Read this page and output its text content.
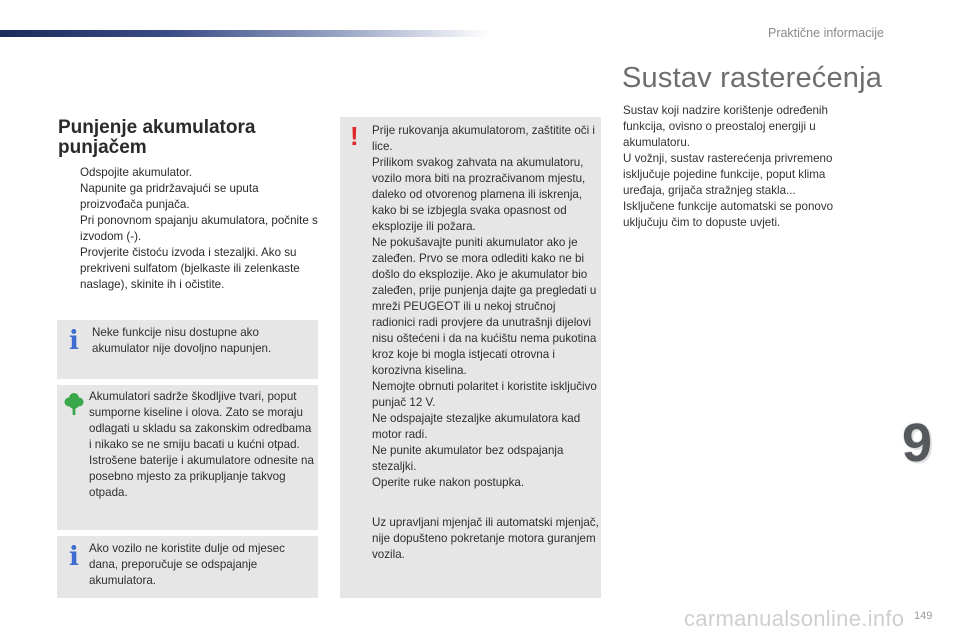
Praktične informacije
Sustav rasterećenja
Sustav koji nadzire korištenje određenih funkcija, ovisno o preostaloj energiji u akumulatoru.
U vožnji, sustav rasterećenja privremeno isključuje pojedine funkcije, poput klima uređaja, grijača stražnjeg stakla...
Isključene funkcije automatski se ponovo uključuju čim to dopuste uvjeti.
9
Punjenje akumulatora punjačem
Odspojite akumulator.
Napunite ga pridržavajući se uputa proizvođača punjača.
Pri ponovnom spajanju akumulatora, počnite s izvodom (-).
Provjerite čistoću izvoda i stezaljki. Ako su prekriveni sulfatom (bjelkaste ili zelenkaste naslage), skinite ih i očistite.
i Neke funkcije nisu dostupne ako akumulator nije dovoljno napunjen.
Akumulatori sadrže škodljive tvari, poput sumporne kiseline i olova. Zato se moraju odlagati u skladu sa zakonskim odredbama i nikako se ne smiju bacati u kućni otpad.
Istrošene baterije i akumulatore odnesite na posebno mjesto za prikupljanje takvog otpada.
i Ako vozilo ne koristite dulje od mjesec dana, preporučuje se odspajanje akumulatora.
! Prije rukovanja akumulatorom, zaštitite oči i lice.
Prilikom svakog zahvata na akumulatoru, vozilo mora biti na prozračivanom mjestu, daleko od otvorenog plamena ili iskrenja, kako bi se izbjegla svaka opasnost od eksplozije ili požara.
Ne pokušavajte puniti akumulator ako je zaleđen. Prvo se mora odlediti kako ne bi došlo do eksplozije. Ako je akumulator bio zaleđen, prije punjenja dajte ga pregledati u mreži PEUGEOT ili u nekoj stručnoj radionici radi provjere da unutrašnji dijelovi nisu oštećeni i da na kućištu nema pukotina kroz koje bi mogla istjecati otrovna i korozivna kiselina.
Nemojte obrnuti polaritet i koristite isključivo punjač 12 V.
Ne odspajajte stezaljke akumulatora kad motor radi.
Ne punite akumulator bez odspajanja stezaljki.
Operite ruke nakon postupka.
Uz upravljani mjenjač ili automatski mjenjač, nije dopušteno pokretanje motora guranjem vozila.
149
carmanualsonline.info
